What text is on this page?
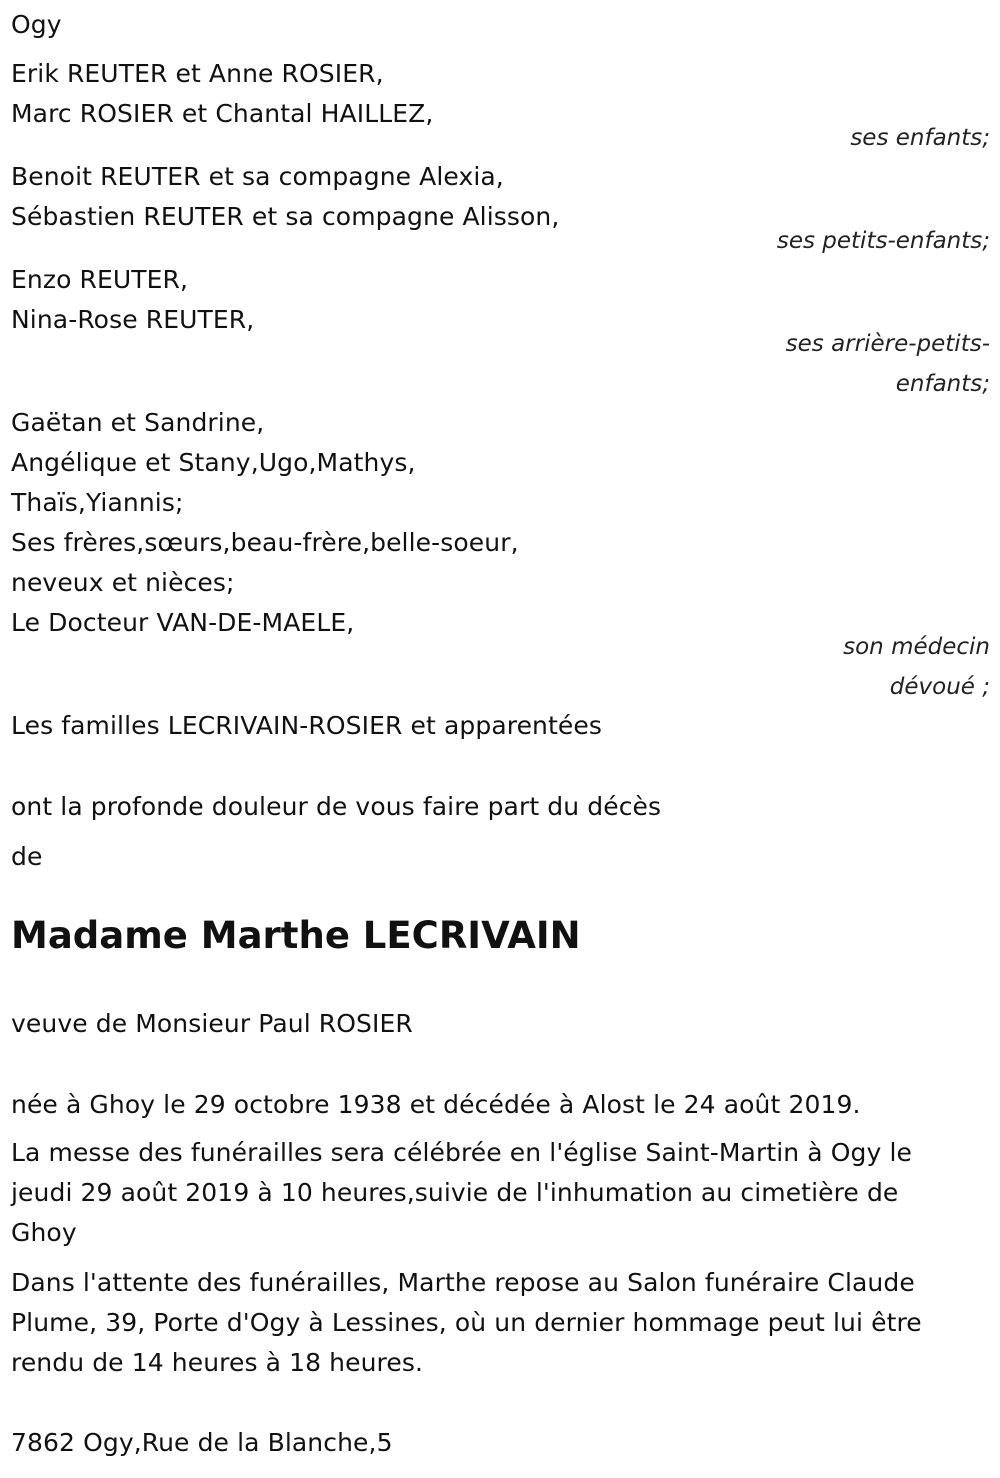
Ogy
Erik REUTER et Anne ROSIER,
Marc ROSIER et Chantal HAILLEZ,
ses enfants;
Benoit REUTER et sa compagne Alexia,
Sébastien REUTER et sa compagne Alisson,
ses petits-enfants;
Enzo REUTER,
Nina-Rose REUTER,
ses arrière-petits-
enfants;
Gaëtan et Sandrine,
Angélique et Stany,Ugo,Mathys,
Thaïs,Yiannis;
Ses frères,sœurs,beau-frère,belle-soeur,
neveux et nièces;
Le Docteur VAN-DE-MAELE,
son médecin
dévoué ;
Les familles LECRIVAIN-ROSIER et apparentées
ont la profonde douleur de vous faire part du décès
de
Madame Marthe LECRIVAIN
veuve de Monsieur Paul ROSIER
née à Ghoy le 29 octobre 1938 et décédée à Alost le 24 août 2019.
La messe des funérailles sera célébrée en l'église Saint-Martin à Ogy le
jeudi 29 août 2019 à 10 heures,suivie de l'inhumation au cimetière de
Ghoy
Dans l'attente des funérailles, Marthe repose au Salon funéraire Claude
Plume, 39, Porte d'Ogy à Lessines, où un dernier hommage peut lui être
rendu de 14 heures à 18 heures.
7862 Ogy,Rue de la Blanche,5
